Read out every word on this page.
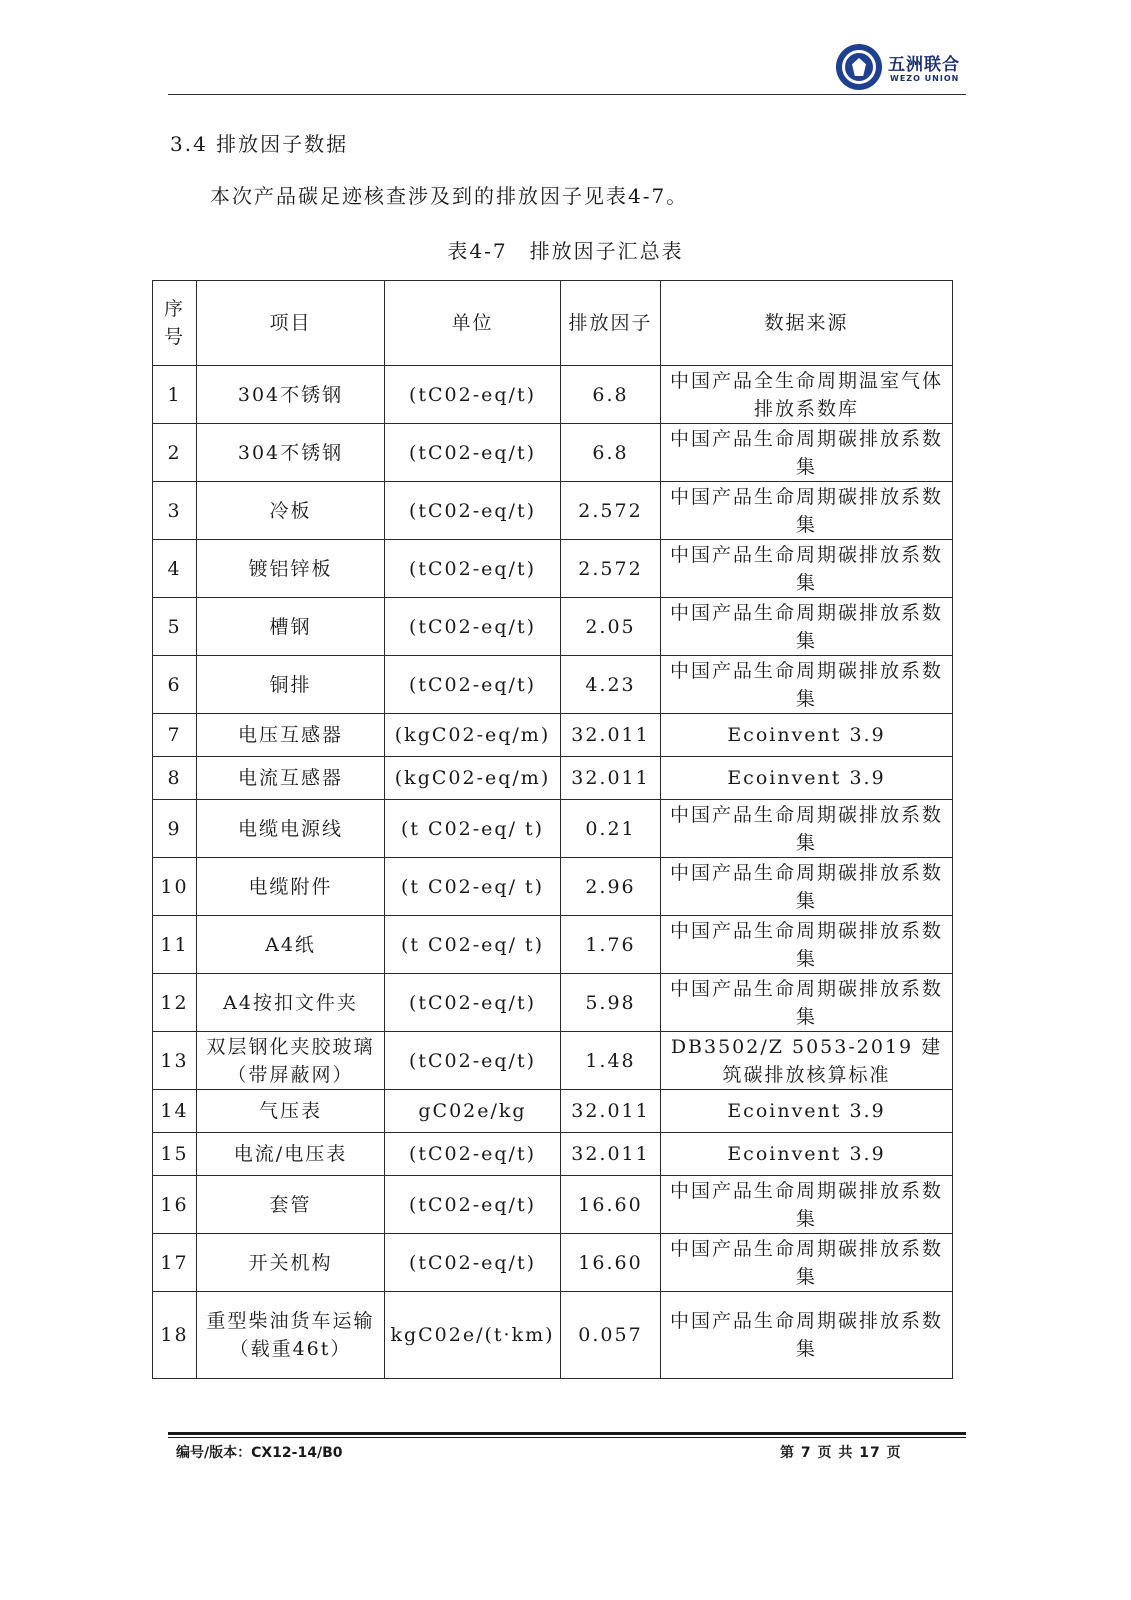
五洲联合
WEZO UNION
3.4 排放因子数据
本次产品碳足迹核查涉及到的排放因子见表4-7。
表4-7　排放因子汇总表
序号	项目	单位	排放因子	数据来源
1	304不锈钢	(tC02-eq/t)	6.8	中国产品全生命周期温室气体排放系数库
2	304不锈钢	(tC02-eq/t)	6.8	中国产品生命周期碳排放系数集
3	冷板	(tC02-eq/t)	2.572	中国产品生命周期碳排放系数集
4	镀铝锌板	(tC02-eq/t)	2.572	中国产品生命周期碳排放系数集
5	槽钢	(tC02-eq/t)	2.05	中国产品生命周期碳排放系数集
6	铜排	(tC02-eq/t)	4.23	中国产品生命周期碳排放系数集
7	电压互感器	(kgC02-eq/m)	32.011	Ecoinvent 3.9
8	电流互感器	(kgC02-eq/m)	32.011	Ecoinvent 3.9
9	电缆电源线	(t C02-eq/ t)	0.21	中国产品生命周期碳排放系数集
10	电缆附件	(t C02-eq/ t)	2.96	中国产品生命周期碳排放系数集
11	A4纸	(t C02-eq/ t)	1.76	中国产品生命周期碳排放系数集
12	A4按扣文件夹	(tC02-eq/t)	5.98	中国产品生命周期碳排放系数集
13	双层钢化夹胶玻璃（带屏蔽网）	(tC02-eq/t)	1.48	DB3502/Z 5053-2019 建筑碳排放核算标准
14	气压表	gC02e/kg	32.011	Ecoinvent 3.9
15	电流/电压表	(tC02-eq/t)	32.011	Ecoinvent 3.9
16	套管	(tC02-eq/t)	16.60	中国产品生命周期碳排放系数集
17	开关机构	(tC02-eq/t)	16.60	中国产品生命周期碳排放系数集
18	重型柴油货车运输（载重46t）	kgC02e/(t·km)	0.057	中国产品生命周期碳排放系数集
编号/版本：CX12-14/B0	第 7 页 共 17 页
